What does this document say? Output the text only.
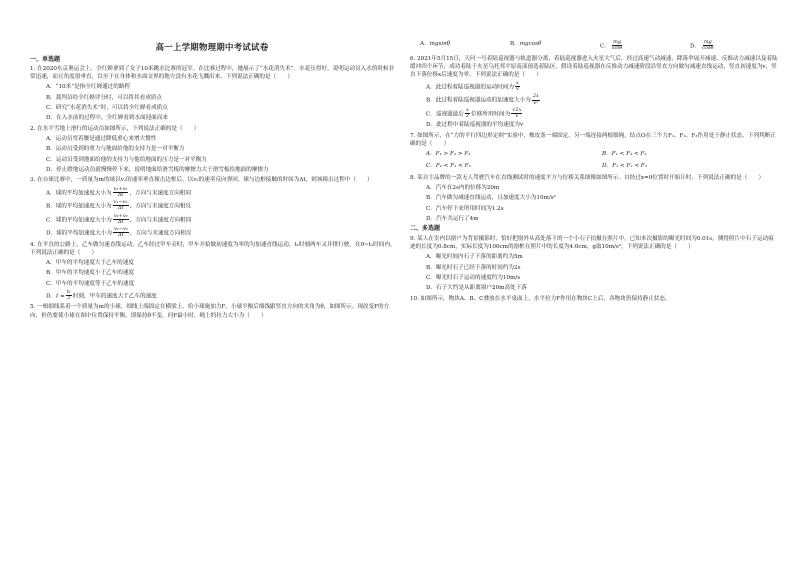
高一上学期物理期中考试试卷
一、单选题

1. 在2020东京奥运会上，全红婵拿到了女子10米跳水比赛的冠军。在比赛过程中，她展示了“水花消失术”。水花压得好，说明运动员入水的时候非常迅速，而且角度很垂直，以至于在身体和水面交界的地方没有水花飞溅出来。下列说法正确的是（　　）

A．“10米”是指全红婵通过的路程
B．裁判员给全红婵评分时，可以将其看成质点
C．研究“水花消失术”时，可以将全红婵看成质点
D．在入水前的过程中，全红婵看到水面迎面而来

2. 在水平雪地上滑行的运动员如图所示，下列说法正确的是（　　）

A．运动员弯着腰是通过降低重心来增大惯性
B．运动员受到的重力与地面给他的支持力是一对平衡力
C．运动员受到地面给他的支持力与他给地面的压力是一对平衡力
D．停止蹬地运动员就慢慢停下来，说明地面给滑雪板的摩擦力大于滑雪板给地面的摩擦力

3. 在台球比赛中，一质量为m的球以v₁的速率垂直撞击边框后，以v₂的速率反向弹回，球与边框接触的时间为Δt，则该撞击过程中（　　）

A．球的平均加速度大小为 $\frac{\text{v₁+v₂}}{\Delta t}$ ，方向与末速度方向相同
B．球的平均加速度大小为 $\frac{\text{v₁−v₂}}{\Delta t}$ ，方向与末速度方向相反
C．球的平均加速度大小为 $\frac{\text{v₁+v₂}}{\Delta t}$ ，方向与末速度方向相同
D．球的平均加速度大小为 $\frac{\text{v₁−v₂}}{\Delta t}$ ，方向与末速度方向相反

4. 在平直的公路上，乙车做匀速直线运动，乙车经过甲车旁时，甲车开始做初速度为零的匀加速直线运动，t₁时刻两车又并排行驶，在0~t₁时间内，下列说法正确的是（　　）

A．甲车的平均速度大于乙车的速度
B．甲车的平均速度小于乙车的速度
C．甲车的平均速度等于乙车的速度
D．$t = \frac{\text{t₁}}{2}$ 时刻，甲车的速度大于乙车的速度

5. 一根细线系着一个质量为m的小球，细线上端固定在横梁上。给小球施加力F，小球平衡后细线跟竖直方向的夹角为θ，如图所示。现改变F的方向，但仍要使小球在图中位置保持平衡，即保持θ不变，问F最小时，绳上的拉力大小为（　　）

A．mgsinθ	B．mgcosθ	C． $\frac{mg}{\sin\theta}$	D． $\frac{mg}{\cos\theta}$

6. 2021年5月15日，天问一号着陆巡视器与轨道器分离，着陆巡视器进入火星大气后，经过高速气动减速、降落伞展开减速、反推动力减速以及着陆缓冲四个环节，成功着陆于火星乌托邦平原南部预选着陆区。假设着陆巡视器在反推动力减速阶段沿竖直方向做匀减速直线运动，竖直初速度为v，竖直下落位移x后速度为零。下列说法正确的是（　　）

A．此过程着陆巡视器的运动时间为 $\frac{x}{v}$
B．此过程着陆巡视器运动的加速度大小为 $\frac{2x}{\text{v²}}$
C．巡视器最后 $\frac{x}{2}$ 位移所用时间为 $\frac{√2x}{v}$
D．此过程中着陆巡视器的平均速度为v

7. 如图所示，在“力的平行四边形定则”实验中，橡皮条一端固定，另一端连接两根细绳，结点O在三个力F₁、F₂、F₃作用处于静止状态，下列判断正确的是（　　）

A．F₁ > F₂ > F₃	B．F₁ < F₃ < F₂
C．F₂ < F₁ < F₃	D．F₁ < F₂ < F₃

8. 某自主品牌的一款无人驾驶汽车在直线测试时的速度平方与位移关系图像如图所示。自经过x=0位置时开始计时，下列说法正确的是（　　）

A．汽车在2s内的位移为20m
B．汽车做匀减速直线运动，且加速度大小为10m/s²
C．汽车停下来所用时间为1.2s
D．汽车共运行了4m
二、多选题

9. 某人在室内以窗户为背景摄影时，恰好把窗外从高处落下的一个小石子拍摄在照片中，已知本次摄影的曝光时间为0.0​1s，测得照片中石子运动痕迹的长度为0.8cm，实际长度为100cm的窗框在照片中的长度为4.0cm，g取10m/s²，下列说法正确的是（　　）

A．曝光时间内石子下落的距离约为5m
B．曝光时石子已经下落的时间约为2s
C．曝光时石子运动的速度约为10m/s
D．石子大约是从距离窗户20m高处下落

10. 如图所示，物块A、B、C叠放在水平桌面上，水平拉力F作用在物块C上后，各物块仍保持静止状态，
